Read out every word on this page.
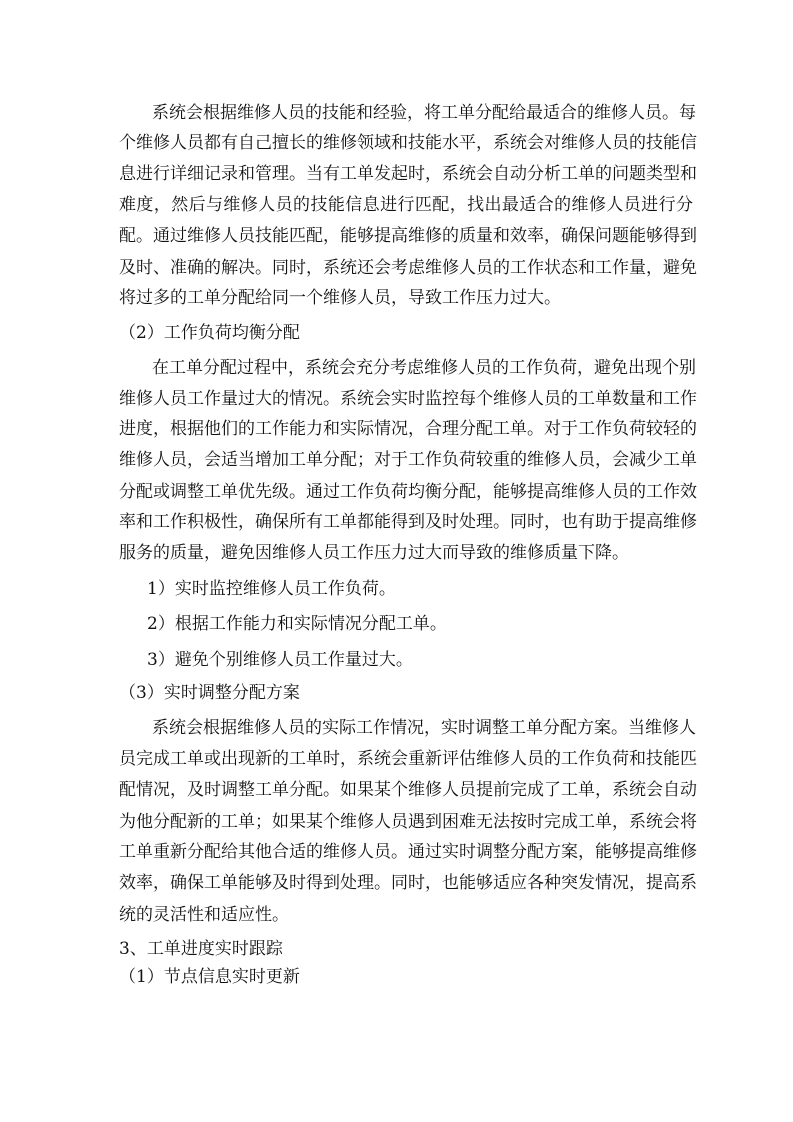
系统会根据维修人员的技能和经验，将工单分配给最适合的维修人员。每
个维修人员都有自己擅长的维修领域和技能水平，系统会对维修人员的技能信
息进行详细记录和管理。当有工单发起时，系统会自动分析工单的问题类型和
难度，然后与维修人员的技能信息进行匹配，找出最适合的维修人员进行分
配。通过维修人员技能匹配，能够提高维修的质量和效率，确保问题能够得到
及时、准确的解决。同时，系统还会考虑维修人员的工作状态和工作量，避免
将过多的工单分配给同一个维修人员，导致工作压力过大。
（2）工作负荷均衡分配
在工单分配过程中，系统会充分考虑维修人员的工作负荷，避免出现个别
维修人员工作量过大的情况。系统会实时监控每个维修人员的工单数量和工作
进度，根据他们的工作能力和实际情况，合理分配工单。对于工作负荷较轻的
维修人员，会适当增加工单分配；对于工作负荷较重的维修人员，会减少工单
分配或调整工单优先级。通过工作负荷均衡分配，能够提高维修人员的工作效
率和工作积极性，确保所有工单都能得到及时处理。同时，也有助于提高维修
服务的质量，避免因维修人员工作压力过大而导致的维修质量下降。
1）实时监控维修人员工作负荷。
2）根据工作能力和实际情况分配工单。
3）避免个别维修人员工作量过大。
（3）实时调整分配方案
系统会根据维修人员的实际工作情况，实时调整工单分配方案。当维修人
员完成工单或出现新的工单时，系统会重新评估维修人员的工作负荷和技能匹
配情况，及时调整工单分配。如果某个维修人员提前完成了工单，系统会自动
为他分配新的工单；如果某个维修人员遇到困难无法按时完成工单，系统会将
工单重新分配给其他合适的维修人员。通过实时调整分配方案，能够提高维修
效率，确保工单能够及时得到处理。同时，也能够适应各种突发情况，提高系
统的灵活性和适应性。
3、工单进度实时跟踪
（1）节点信息实时更新
